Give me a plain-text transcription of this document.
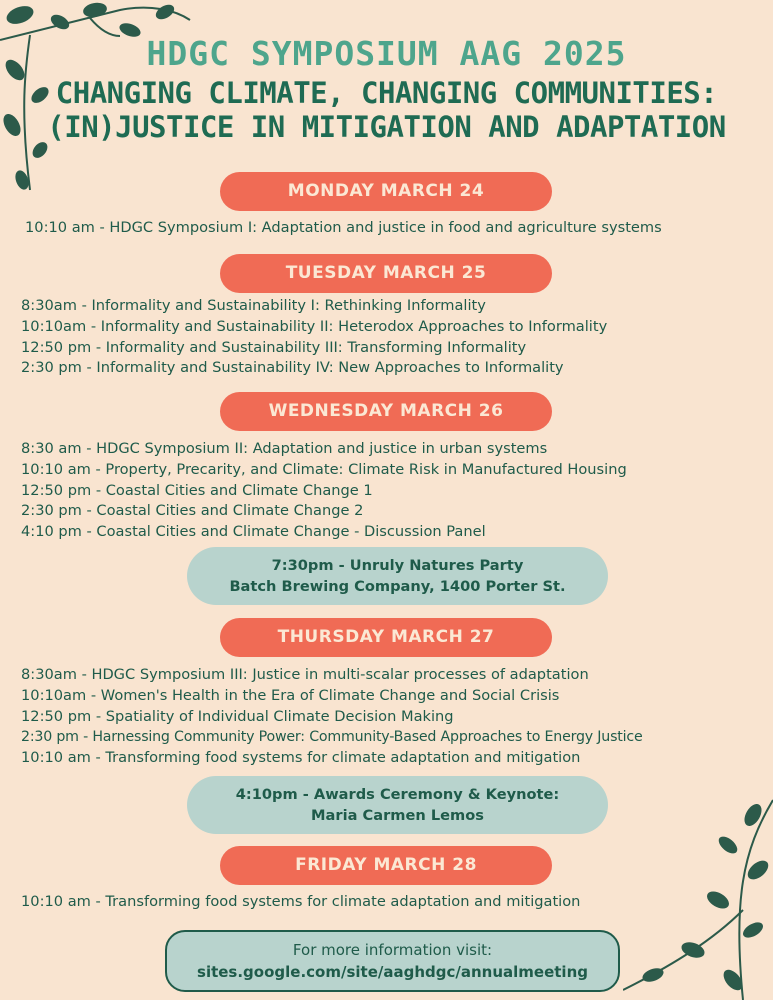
HDGC SYMPOSIUM AAG 2025
CHANGING CLIMATE, CHANGING COMMUNITIES:
(IN)JUSTICE IN MITIGATION AND ADAPTATION
MONDAY MARCH 24
10:10 am - HDGC Symposium I: Adaptation and justice in food and agriculture systems
TUESDAY MARCH 25
8:30am - Informality and Sustainability I: Rethinking Informality
10:10am - Informality and Sustainability II: Heterodox Approaches to Informality
12:50 pm - Informality and Sustainability III: Transforming Informality
2:30 pm - Informality and Sustainability IV: New Approaches to Informality
WEDNESDAY MARCH 26
8:30 am - HDGC Symposium II: Adaptation and justice in urban systems
10:10 am - Property, Precarity, and Climate: Climate Risk in Manufactured Housing
12:50 pm - Coastal Cities and Climate Change 1
2:30 pm - Coastal Cities and Climate Change 2
4:10 pm - Coastal Cities and Climate Change - Discussion Panel
7:30pm - Unruly Natures Party
Batch Brewing Company, 1400 Porter St.
THURSDAY MARCH 27
8:30am - HDGC Symposium III: Justice in multi-scalar processes of adaptation
10:10am - Women's Health in the Era of Climate Change and Social Crisis
12:50 pm - Spatiality of Individual Climate Decision Making
2:30 pm - Harnessing Community Power: Community-Based Approaches to Energy Justice
10:10 am - Transforming food systems for climate adaptation and mitigation
4:10pm - Awards Ceremony & Keynote:
Maria Carmen Lemos
FRIDAY MARCH 28
10:10 am - Transforming food systems for climate adaptation and mitigation
For more information visit:
sites.google.com/site/aaghdgc/annualmeeting
